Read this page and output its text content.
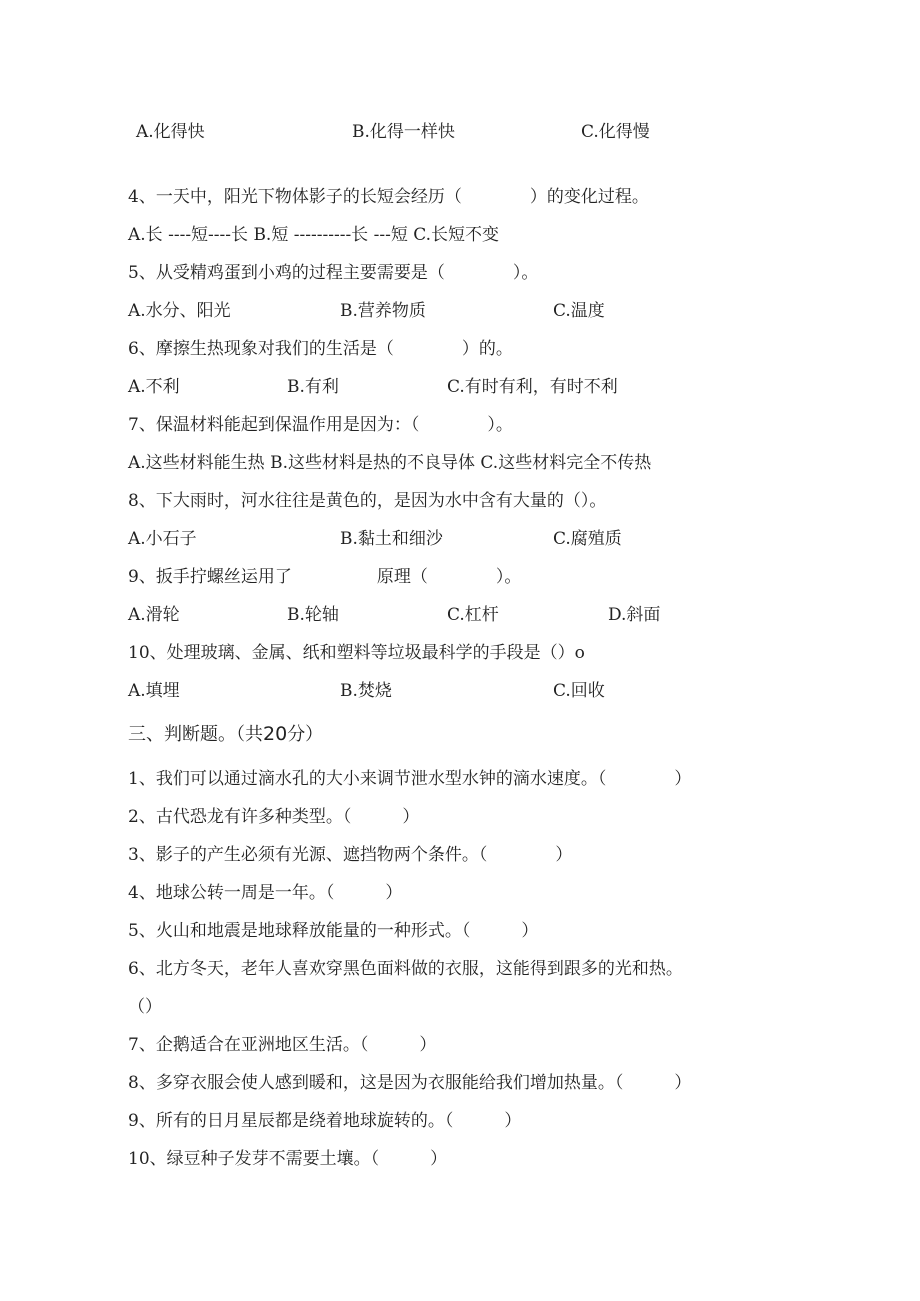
A.化得快	B.化得一样快	C.化得慢
4、一天中，阳光下物体影子的长短会经历（　　　　）的变化过程。
A.长 ----短----长 B.短 ----------长 ---短 C.长短不变
5、从受精鸡蛋到小鸡的过程主要需要是（　　　　）。
A.水分、阳光	B.营养物质	C.温度
6、摩擦生热现象对我们的生活是（　　　　）的。
A.不利	B.有利	C.有时有利，有时不利
7、保温材料能起到保温作用是因为：（　　　　）。
A.这些材料能生热 B.这些材料是热的不良导体 C.这些材料完全不传热
8、下大雨时，河水往往是黄色的，是因为水中含有大量的（）。
A.小石子	B.黏土和细沙	C.腐殖质
9、扳手拧螺丝运用了　　　　　原理（　　　　）。
A.滑轮	B.轮轴	C.杠杆	D.斜面
10、处理玻璃、金属、纸和塑料等垃圾最科学的手段是（）o
A.填埋	B.焚烧	C.回收
三、判断题。（共20分）
1、我们可以通过滴水孔的大小来调节泄水型水钟的滴水速度。（　　　　）
2、古代恐龙有许多种类型。（　　　）
3、影子的产生必须有光源、遮挡物两个条件。（　　　　）
4、地球公转一周是一年。（　　　）
5、火山和地震是地球释放能量的一种形式。（　　　）
6、北方冬天，老年人喜欢穿黑色面料做的衣服，这能得到跟多的光和热。
（）
7、企鹅适合在亚洲地区生活。（　　　）
8、多穿衣服会使人感到暖和，这是因为衣服能给我们增加热量。（　　　）
9、所有的日月星辰都是绕着地球旋转的。（　　　）
10、绿豆种子发芽不需要土壤。（　　　）
